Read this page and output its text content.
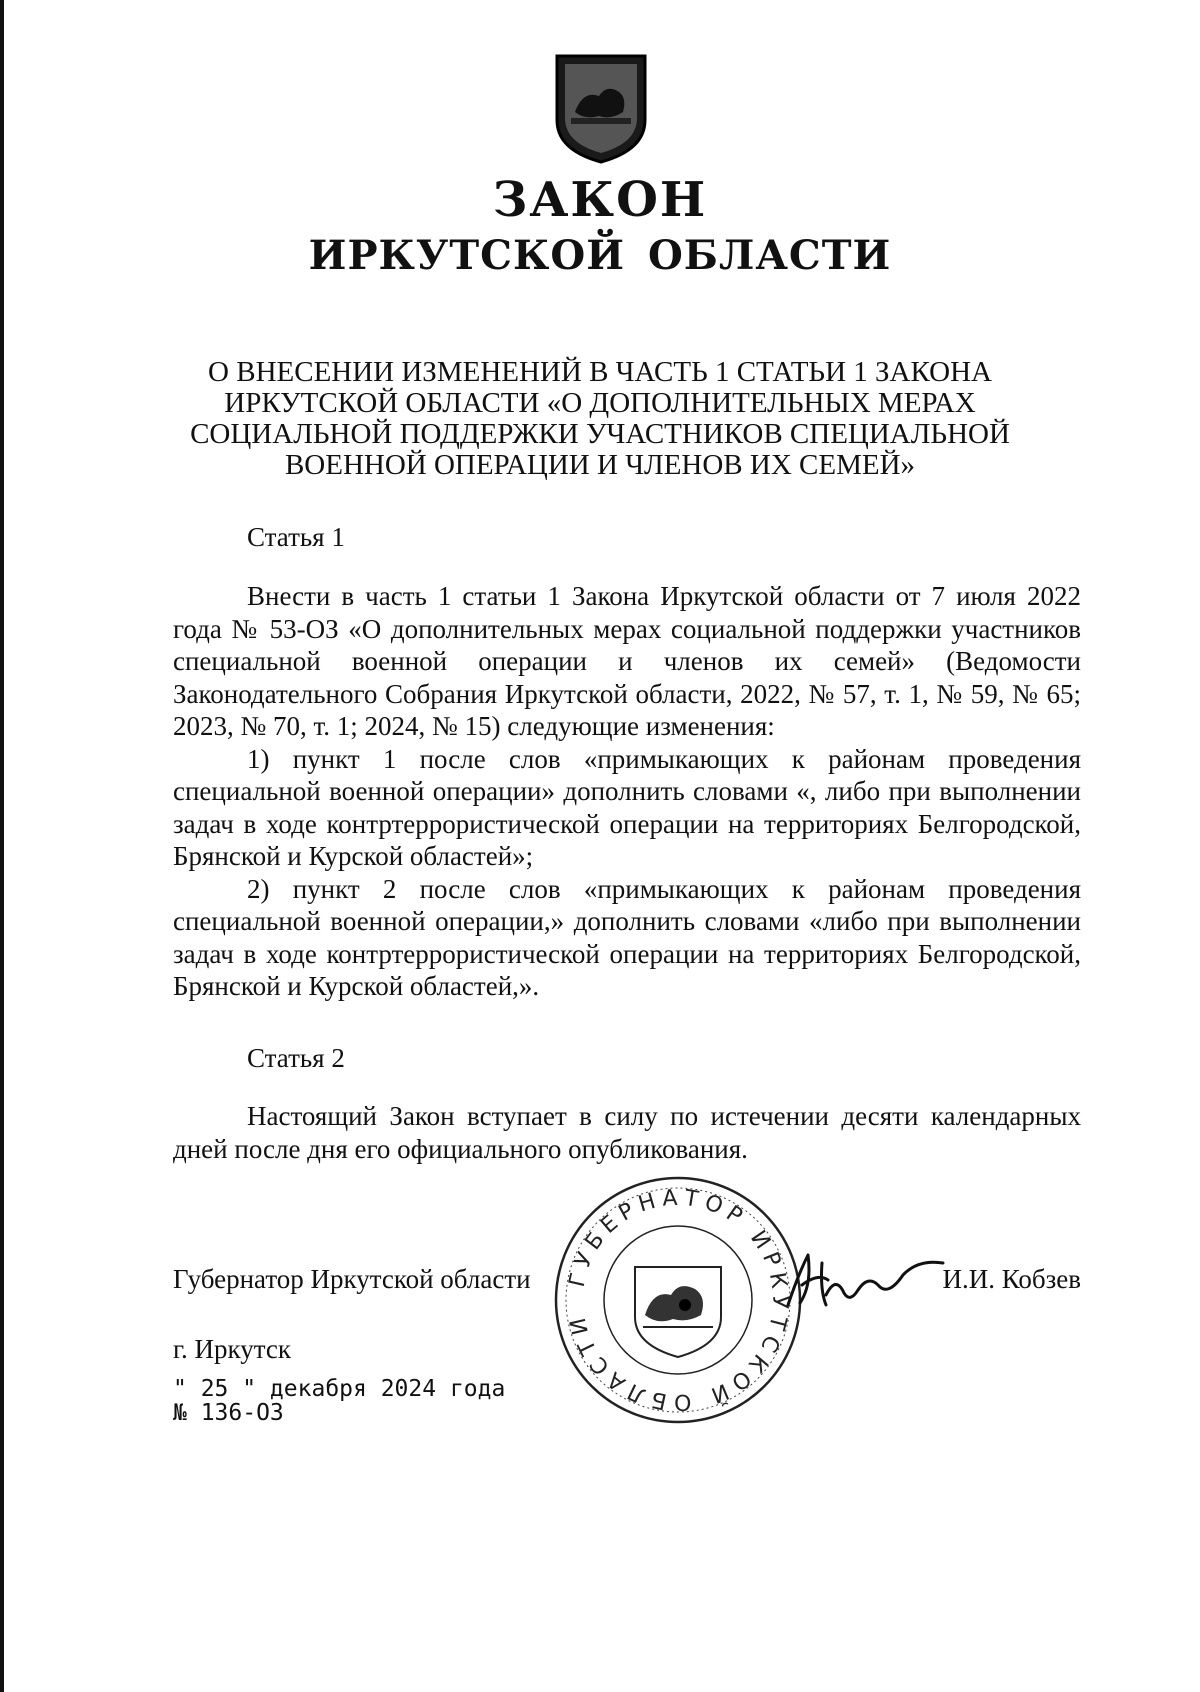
ЗАКОН
ИРКУТСКОЙ ОБЛАСТИ
О ВНЕСЕНИИ ИЗМЕНЕНИЙ В ЧАСТЬ 1 СТАТЬИ 1 ЗАКОНА
ИРКУТСКОЙ ОБЛАСТИ «О ДОПОЛНИТЕЛЬНЫХ МЕРАХ
СОЦИАЛЬНОЙ ПОДДЕРЖКИ УЧАСТНИКОВ СПЕЦИАЛЬНОЙ
ВОЕННОЙ ОПЕРАЦИИ И ЧЛЕНОВ ИХ СЕМЕЙ»
Статья 1

Внести в часть 1 статьи 1 Закона Иркутской области от 7 июля 2022 года № 53-ОЗ «О дополнительных мерах социальной поддержки участников специальной военной операции и членов их семей» (Ведомости Законодательного Собрания Иркутской области, 2022, № 57, т. 1, № 59, № 65; 2023, № 70, т. 1; 2024, № 15) следующие изменения:

1) пункт 1 после слов «примыкающих к районам проведения специальной военной операции» дополнить словами «, либо при выполнении задач в ходе контртеррористической операции на территориях Белгородской, Брянской и Курской областей»;

2) пункт 2 после слов «примыкающих к районам проведения специальной военной операции,» дополнить словами «либо при выполнении задач в ходе контртеррористической операции на территориях Белгородской, Брянской и Курской областей,».

Статья 2

Настоящий Закон вступает в силу по истечении десяти календарных дней после дня его официального опубликования.

ГУБЕРНАТОР ИРКУТСКОЙ ОБЛАСТИ
Губернатор Иркутской области	И.И. Кобзев
г. Иркутск
" 25 " декабря 2024 года
№ 136-ОЗ
